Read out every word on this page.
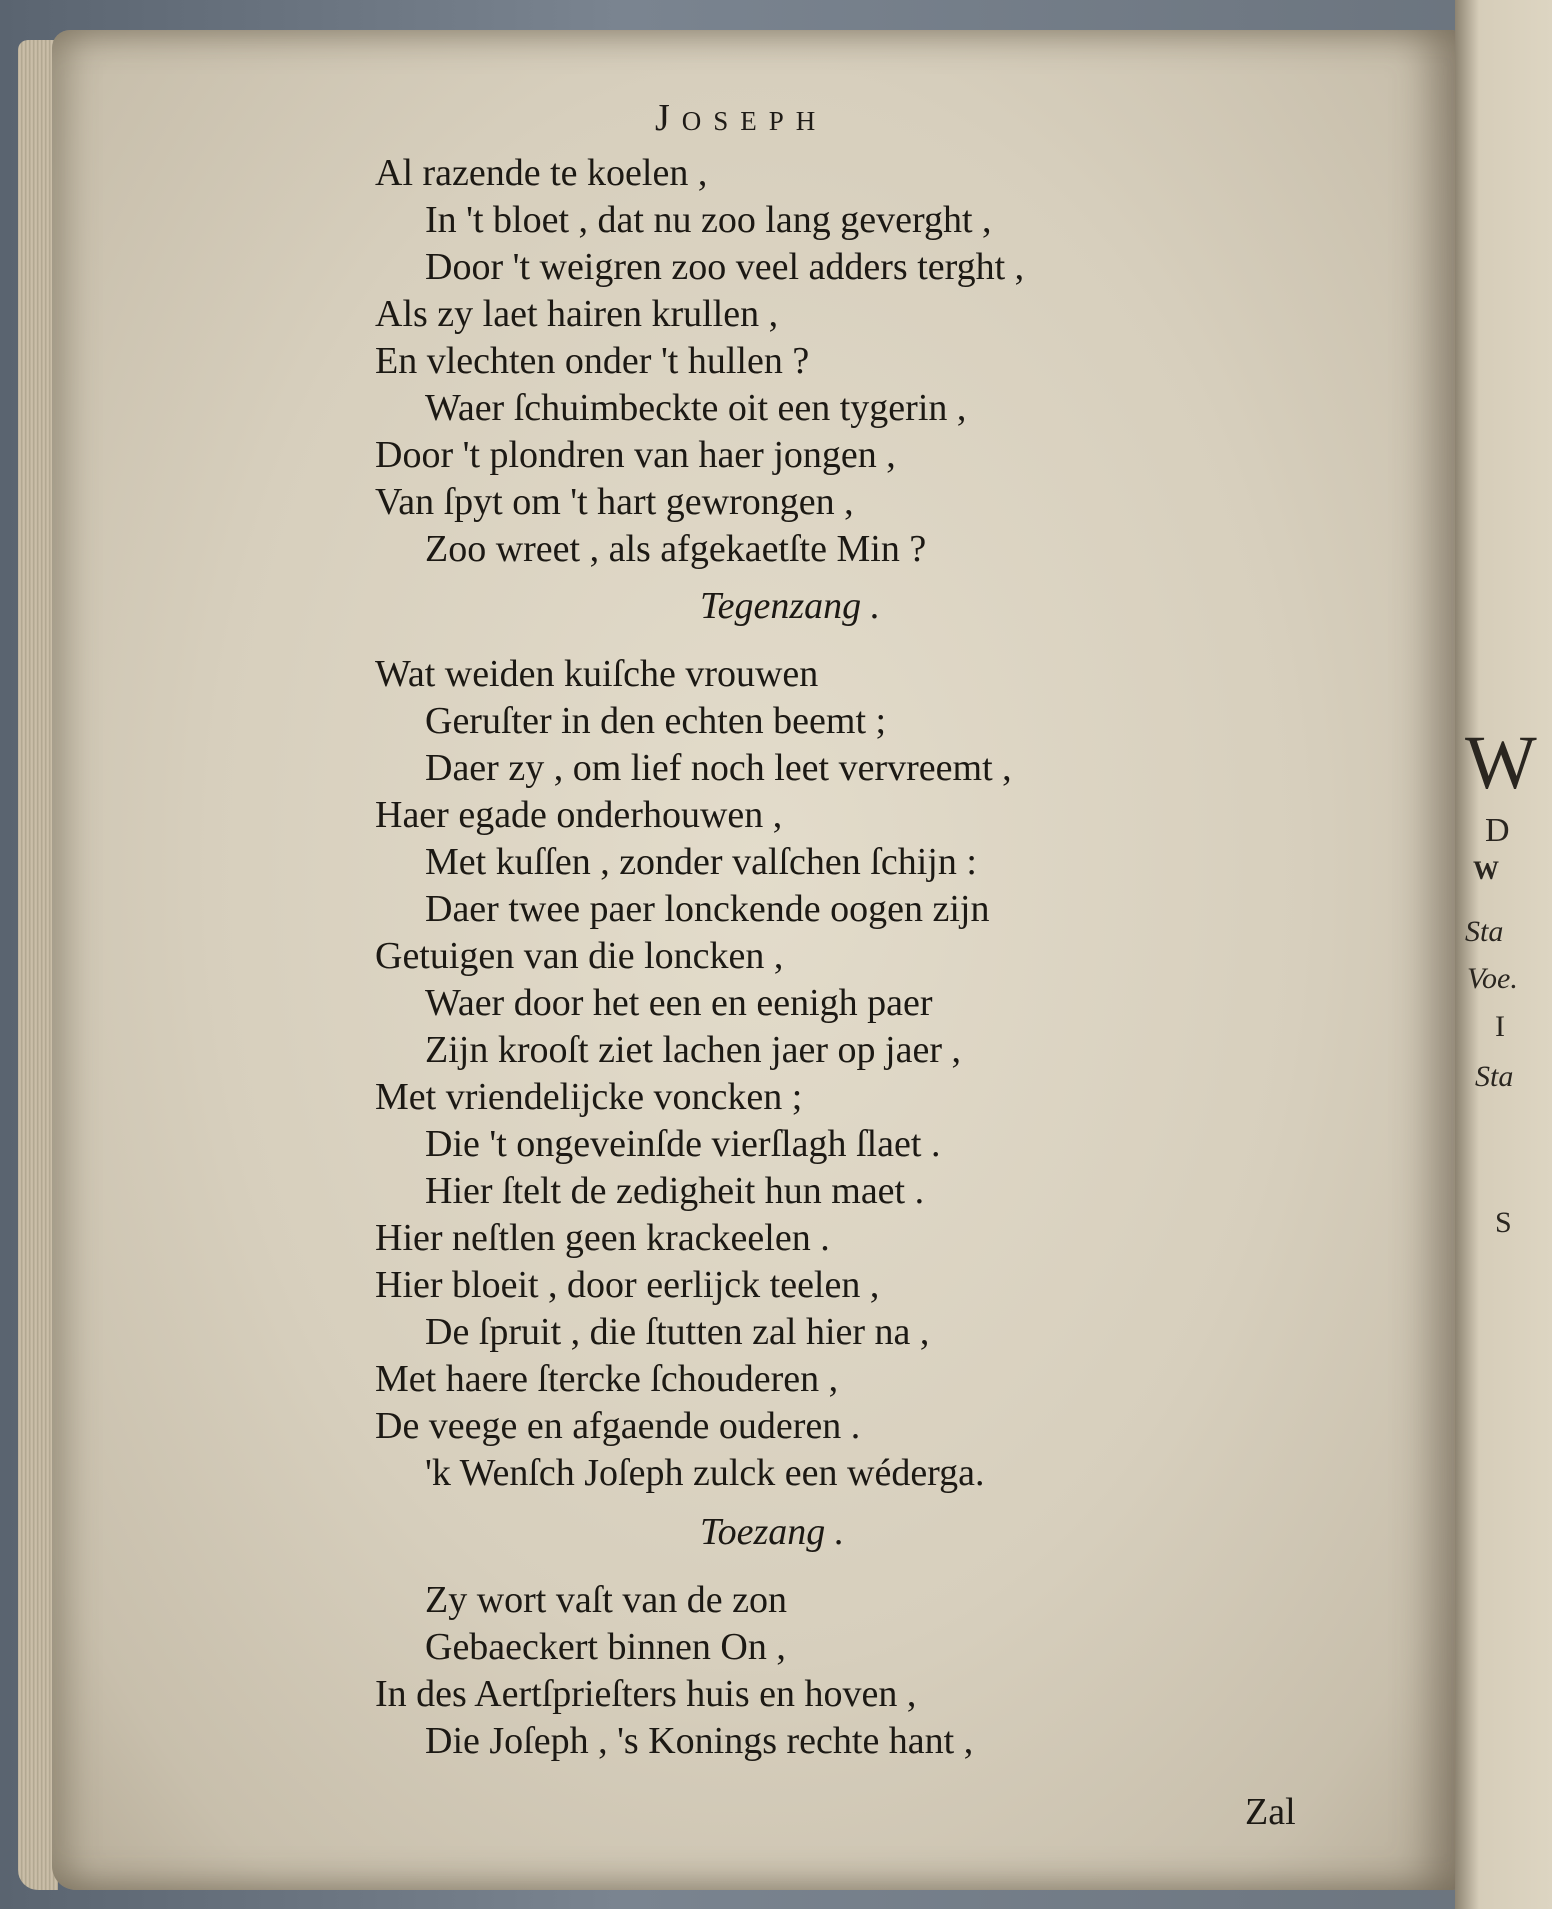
W
D
W
Sta
Voe.
I
Sta
S
Joseph
Al razende te koelen ,
In 't bloet , dat nu zoo lang geverght ,
Door 't weigren zoo veel adders terght ,
Als zy laet hairen krullen ,
En vlechten onder 't hullen ?
Waer ſchuimbeckte oit een tygerin ,
Door 't plondren van haer jongen ,
Van ſpyt om 't hart gewrongen ,
Zoo wreet , als afgekaetſte Min ?
Tegenzang .
Wat weiden kuiſche vrouwen
Geruſter in den echten beemt ;
Daer zy , om lief noch leet vervreemt ,
Haer egade onderhouwen ,
Met kuſſen , zonder valſchen ſchijn :
Daer twee paer lonckende oogen zijn
Getuigen van die loncken ,
Waer door het een en eenigh paer
Zijn krooſt ziet lachen jaer op jaer ,
Met vriendelijcke voncken ;
Die 't ongeveinſde vierſlagh ſlaet .
Hier ſtelt de zedigheit hun maet .
Hier neſtlen geen krackeelen .
Hier bloeit , door eerlijck teelen ,
De ſpruit , die ſtutten zal hier na ,
Met haere ſtercke ſchouderen ,
De veege en afgaende ouderen .
'k Wenſch Joſeph zulck een wéderga.
Toezang .
Zy wort vaſt van de zon
Gebaeckert binnen On ,
In des Aertſprieſters huis en hoven ,
Die Joſeph , 's Konings rechte hant ,
Zal
